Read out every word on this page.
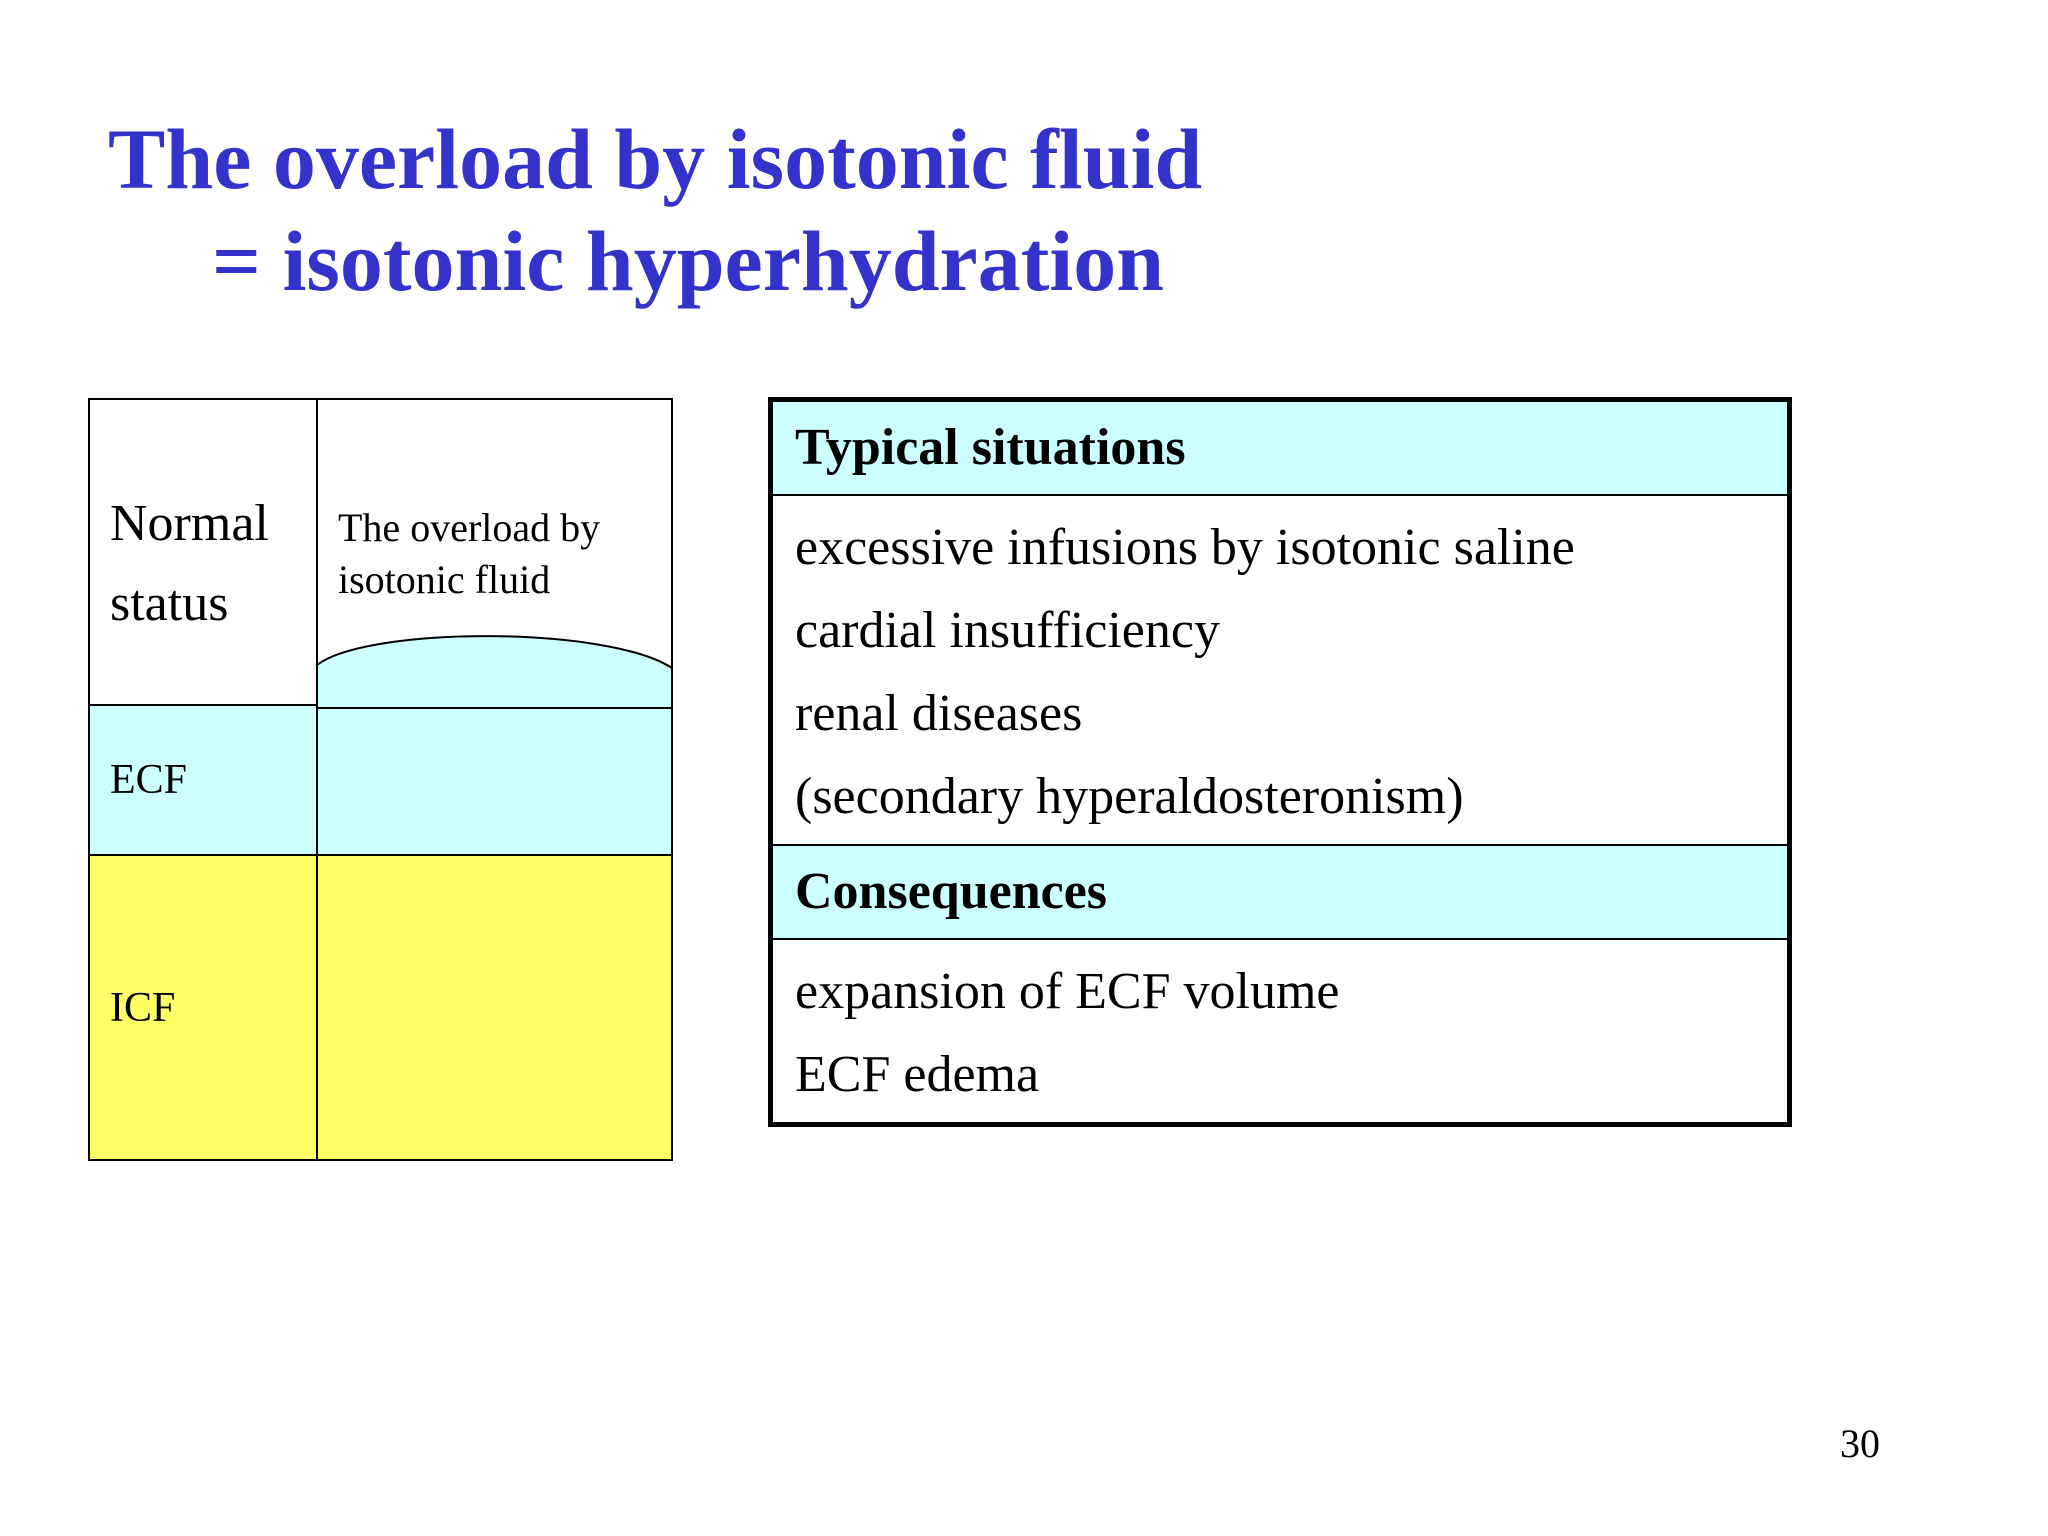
The overload by isotonic fluid
= isotonic hyperhydration
Normal status
The overload by isotonic fluid
ECF
ICF
Typical situations
excessive infusions by isotonic saline
cardial insufficiency
renal diseases
(secondary hyperaldosteronism)
Consequences
expansion of ECF volume
ECF edema
30
